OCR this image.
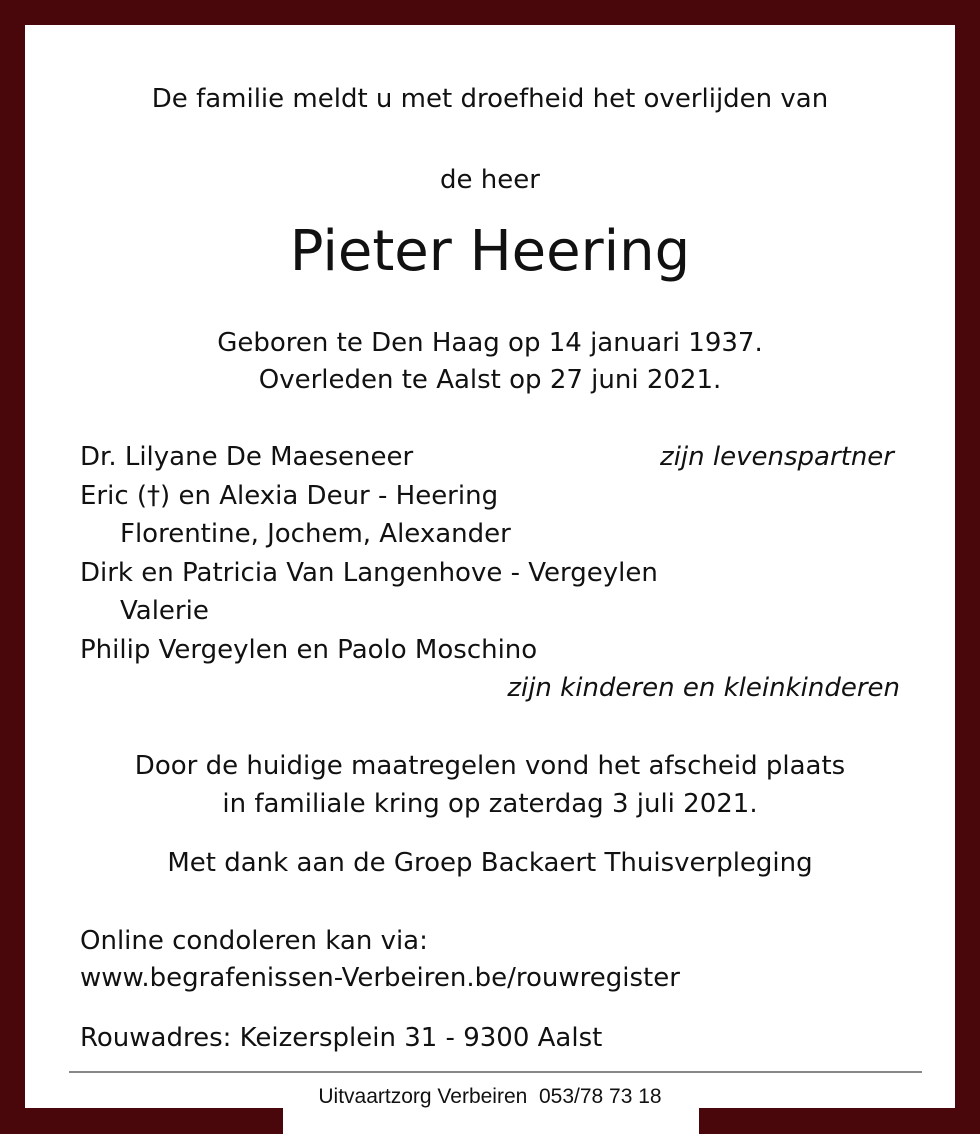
De familie meldt u met droefheid het overlijden van
de heer
Pieter Heering
Geboren te Den Haag op 14 januari 1937.
Overleden te Aalst op 27 juni 2021.
Dr. Lilyane De Maeseneer	zijn levenspartner
Eric (†) en Alexia Deur - Heering
Florentine, Jochem, Alexander
Dirk en Patricia Van Langenhove - Vergeylen
Valerie
Philip Vergeylen en Paolo Moschino
zijn kinderen en kleinkinderen
Door de huidige maatregelen vond het afscheid plaats
in familiale kring op zaterdag 3 juli 2021.
Met dank aan de Groep Backaert Thuisverpleging
Online condoleren kan via:
www.begrafenissen-Verbeiren.be/rouwregister
Rouwadres: Keizersplein 31 - 9300 Aalst
Uitvaartzorg Verbeiren  053/78 73 18
